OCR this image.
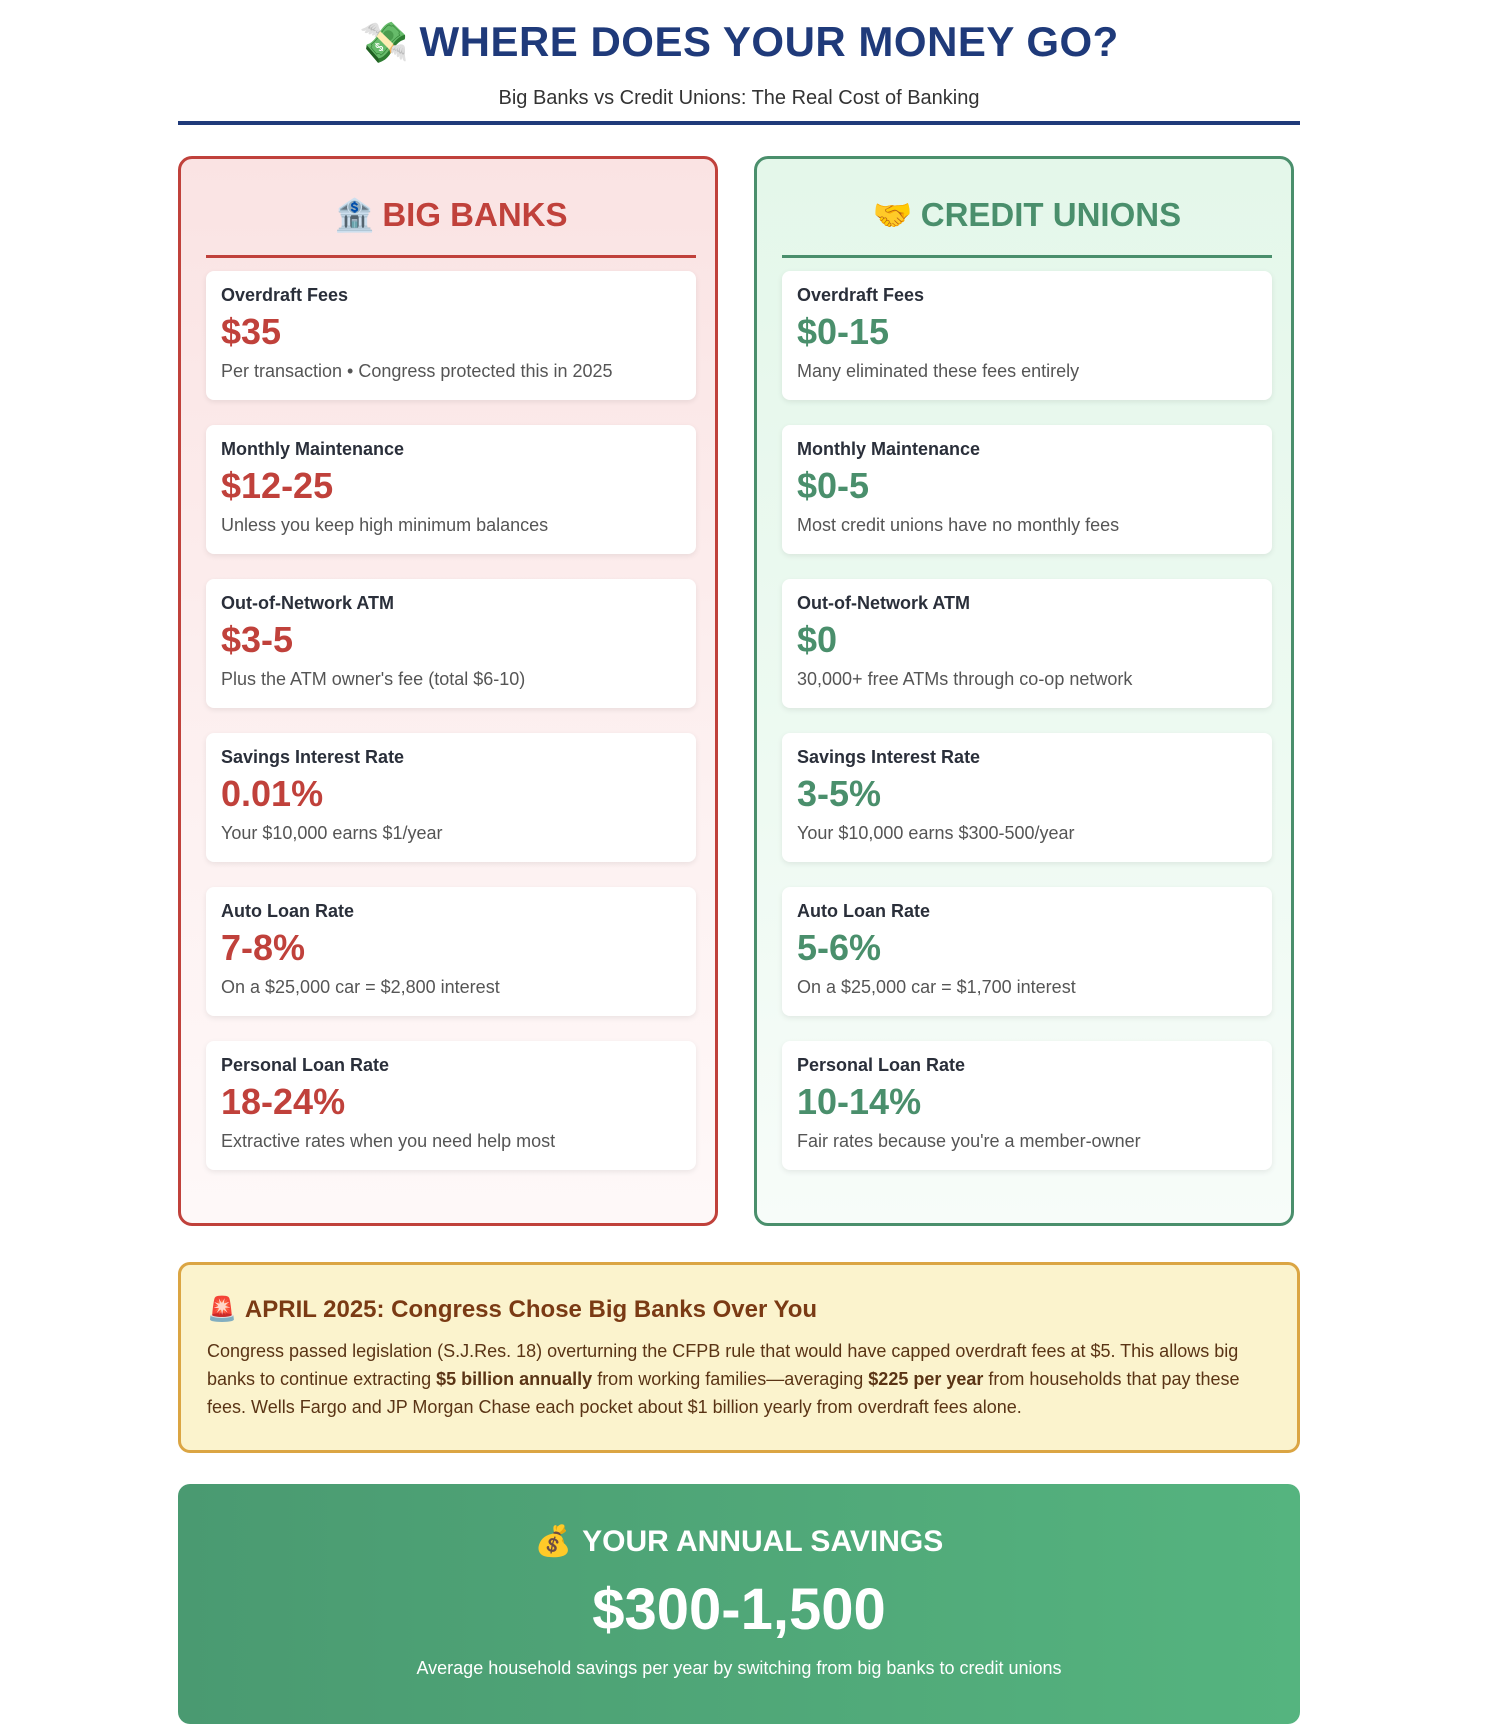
💸 WHERE DOES YOUR MONEY GO?
Big Banks vs Credit Unions: The Real Cost of Banking
🏦 BIG BANKS
Overdraft Fees
$35
Per transaction • Congress protected this in 2025
Monthly Maintenance
$12-25
Unless you keep high minimum balances
Out-of-Network ATM
$3-5
Plus the ATM owner's fee (total $6-10)
Savings Interest Rate
0.01%
Your $10,000 earns $1/year
Auto Loan Rate
7-8%
On a $25,000 car = $2,800 interest
Personal Loan Rate
18-24%
Extractive rates when you need help most
🤝 CREDIT UNIONS
Overdraft Fees
$0-15
Many eliminated these fees entirely
Monthly Maintenance
$0-5
Most credit unions have no monthly fees
Out-of-Network ATM
$0
30,000+ free ATMs through co-op network
Savings Interest Rate
3-5%
Your $10,000 earns $300-500/year
Auto Loan Rate
5-6%
On a $25,000 car = $1,700 interest
Personal Loan Rate
10-14%
Fair rates because you're a member-owner
🚨 APRIL 2025: Congress Chose Big Banks Over You
Congress passed legislation (S.J.Res. 18) overturning the CFPB rule that would have capped overdraft fees at $5. This allows big banks to continue extracting $5 billion annually from working families—averaging $225 per year from households that pay these fees. Wells Fargo and JP Morgan Chase each pocket about $1 billion yearly from overdraft fees alone.
💰 YOUR ANNUAL SAVINGS
$300-1,500
Average household savings per year by switching from big banks to credit unions
